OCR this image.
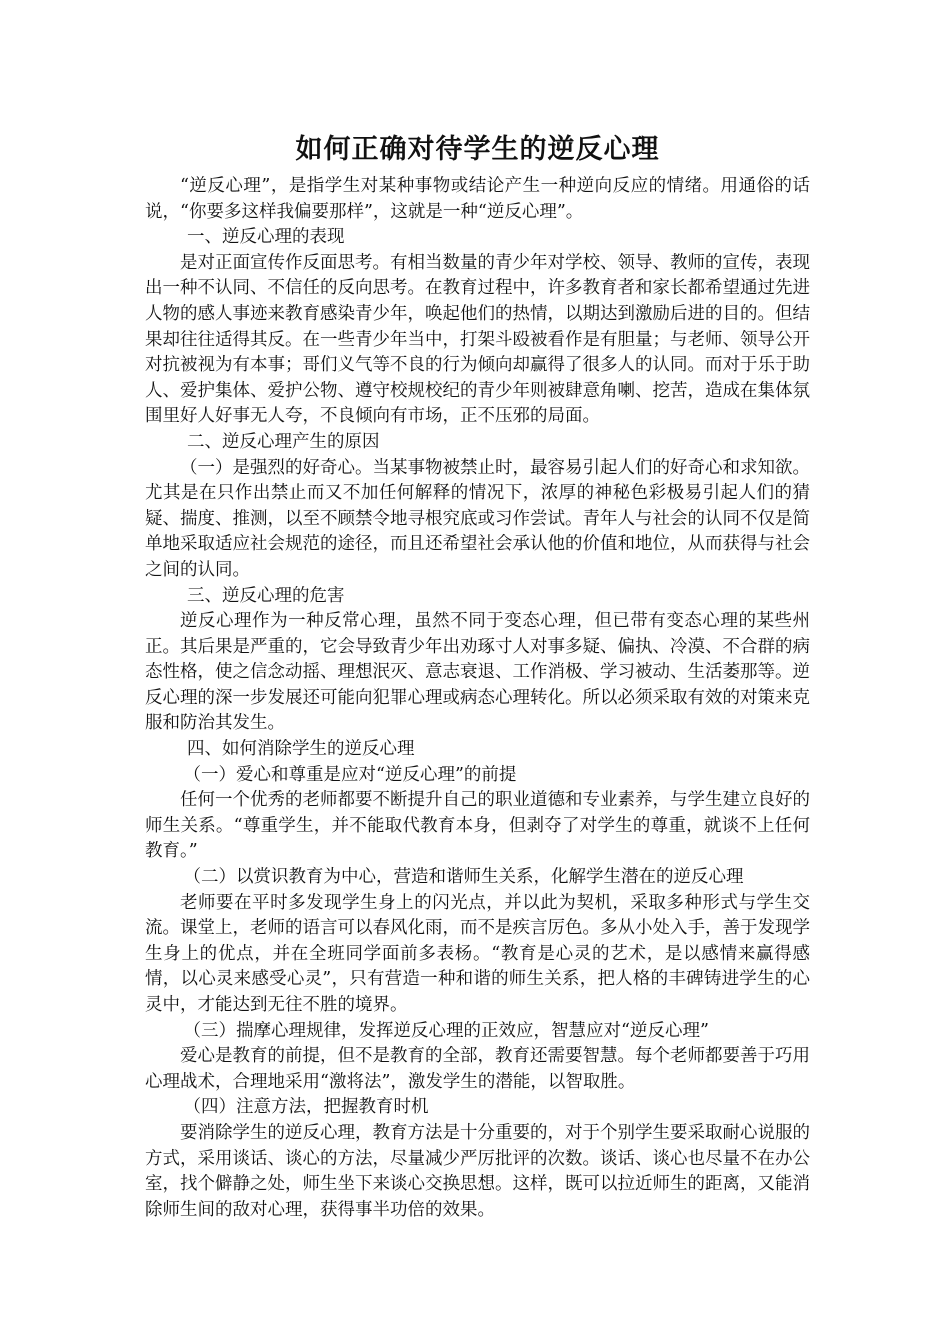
如何正确对待学生的逆反心理

“逆反心理”，是指学生对某种事物或结论产生一种逆向反应的情绪。用通俗的话说，“你要多这样我偏要那样”，这就是一种“逆反心理”。

一、逆反心理的表现

是对正面宣传作反面思考。有相当数量的青少年对学校、领导、教师的宣传，表现出一种不认同、不信任的反向思考。在教育过程中，许多教育者和家长都希望通过先进人物的感人事迹来教育感染青少年，唤起他们的热情，以期达到激励后进的目的。但结果却往往适得其反。在一些青少年当中，打架斗殴被看作是有胆量；与老师、领导公开对抗被视为有本事；哥们义气等不良的行为倾向却赢得了很多人的认同。而对于乐于助人、爱护集体、爱护公物、遵守校规校纪的青少年则被肆意角喇、挖苦，造成在集体氛围里好人好事无人夸，不良倾向有市场，正不压邪的局面。

二、逆反心理产生的原因

（一）是强烈的好奇心。当某事物被禁止时，最容易引起人们的好奇心和求知欲。尤其是在只作出禁止而又不加任何解释的情况下，浓厚的神秘色彩极易引起人们的猜疑、揣度、推测，以至不顾禁令地寻根究底或习作尝试。青年人与社会的认同不仅是简单地采取适应社会规范的途径，而且还希望社会承认他的价值和地位，从而获得与社会之间的认同。

三、逆反心理的危害

逆反心理作为一种反常心理，虽然不同于变态心理，但已带有变态心理的某些州正。其后果是严重的，它会导致青少年出劝琢寸人对事多疑、偏执、冷漠、不合群的病态性格，使之信念动摇、理想泯灭、意志衰退、工作消极、学习被动、生活萎那等。逆反心理的深一步发展还可能向犯罪心理或病态心理转化。所以必须采取有效的对策来克服和防治其发生。

四、如何消除学生的逆反心理

（一）爱心和尊重是应对“逆反心理”的前提

任何一个优秀的老师都要不断提升自己的职业道德和专业素养，与学生建立良好的师生关系。“尊重学生，并不能取代教育本身，但剥夺了对学生的尊重，就谈不上任何教育。”

（二）以赏识教育为中心，营造和谐师生关系，化解学生潜在的逆反心理

老师要在平时多发现学生身上的闪光点，并以此为契机，采取多种形式与学生交流。课堂上，老师的语言可以春风化雨，而不是疾言厉色。多从小处入手，善于发现学生身上的优点，并在全班同学面前多表杨。“教育是心灵的艺术，是以感情来赢得感情，以心灵来感受心灵”，只有营造一种和谐的师生关系，把人格的丰碑铸进学生的心灵中，才能达到无往不胜的境界。

（三）揣摩心理规律，发挥逆反心理的正效应，智慧应对“逆反心理”

爱心是教育的前提，但不是教育的全部，教育还需要智慧。每个老师都要善于巧用心理战术，合理地采用“激将法”，激发学生的潜能，以智取胜。

（四）注意方法，把握教育时机

要消除学生的逆反心理，教育方法是十分重要的，对于个别学生要采取耐心说服的方式，采用谈话、谈心的方法，尽量减少严厉批评的次数。谈话、谈心也尽量不在办公室，找个僻静之处，师生坐下来谈心交换思想。这样，既可以拉近师生的距离，又能消除师生间的敌对心理，获得事半功倍的效果。
